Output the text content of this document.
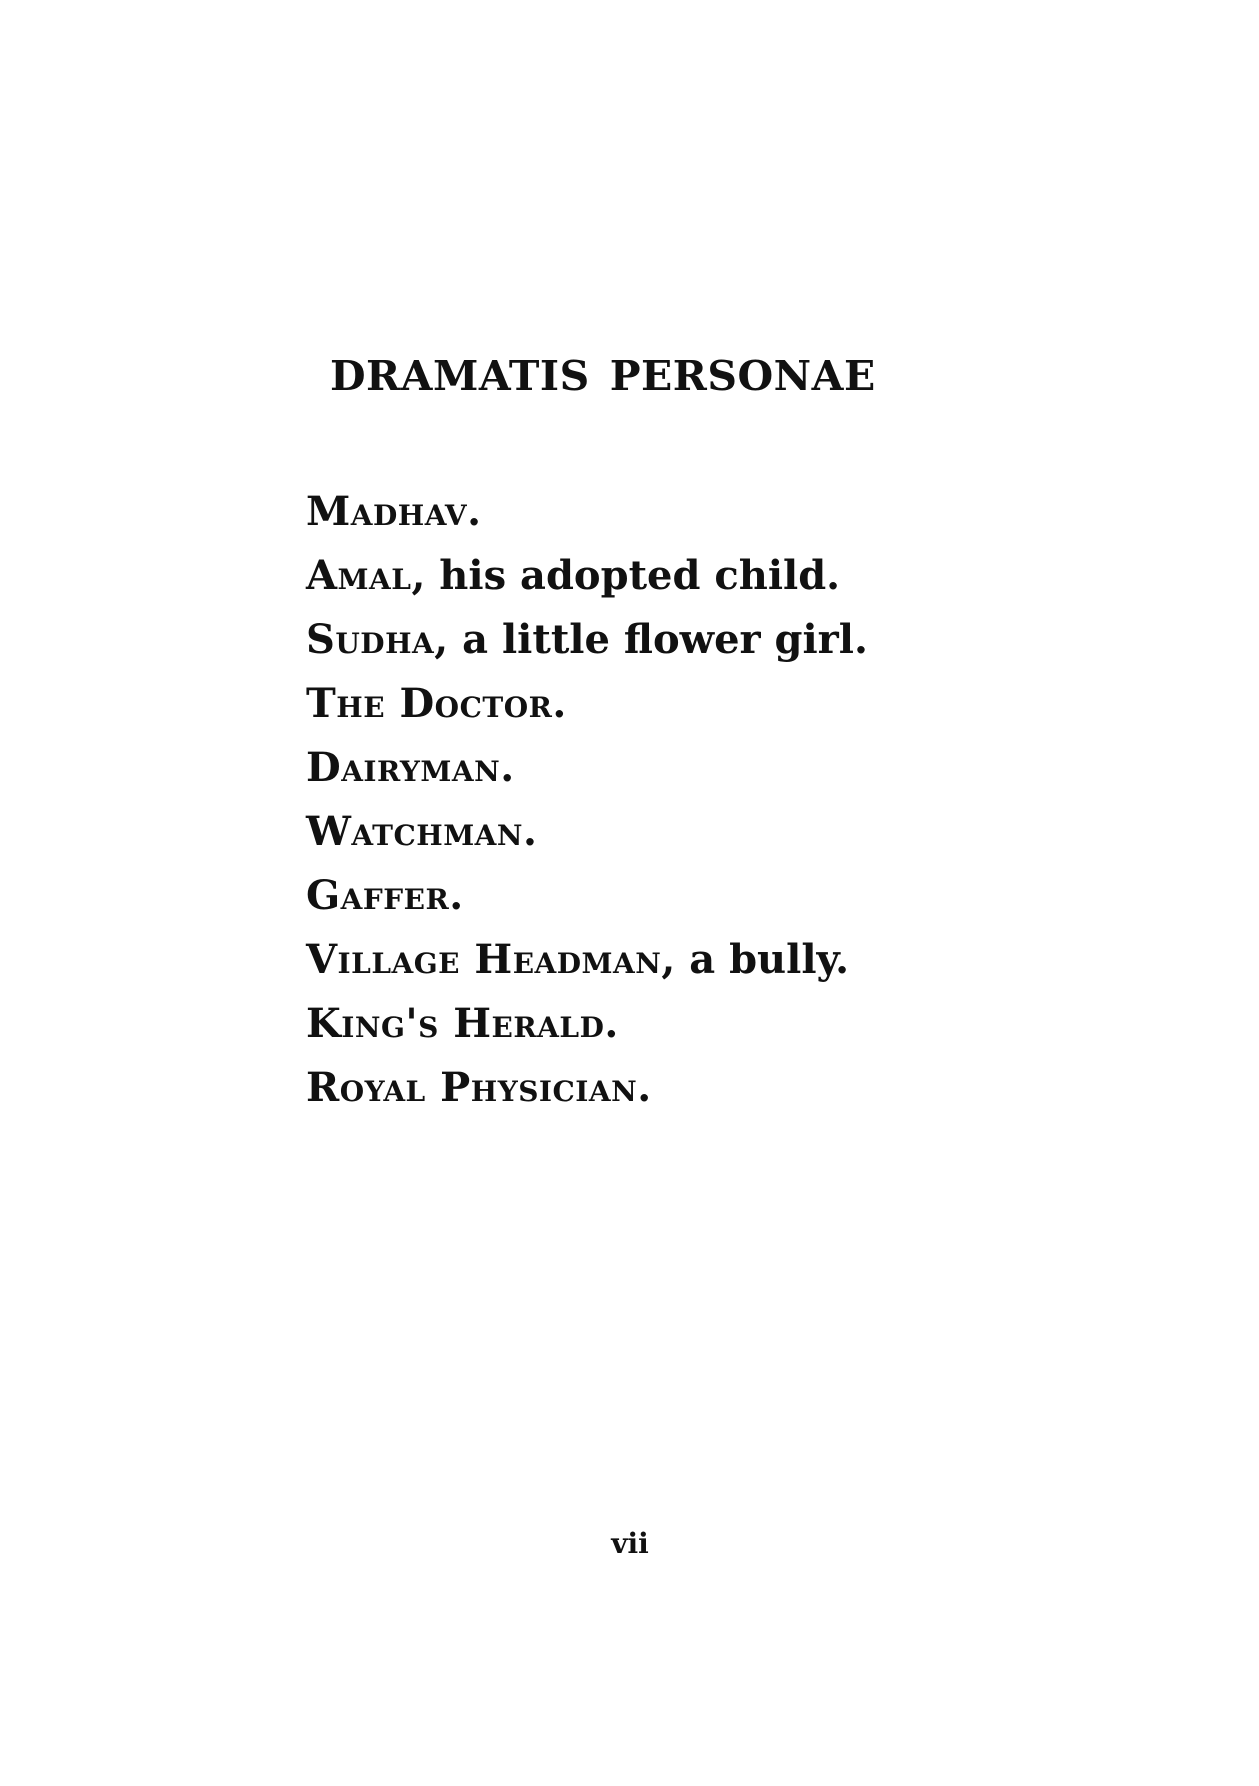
DRAMATIS PERSONAE
Madhav.
Amal, his adopted child.
Sudha, a little flower girl.
The Doctor.
Dairyman.
Watchman.
Gaffer.
Village Headman, a bully.
King's Herald.
Royal Physician.
vii
